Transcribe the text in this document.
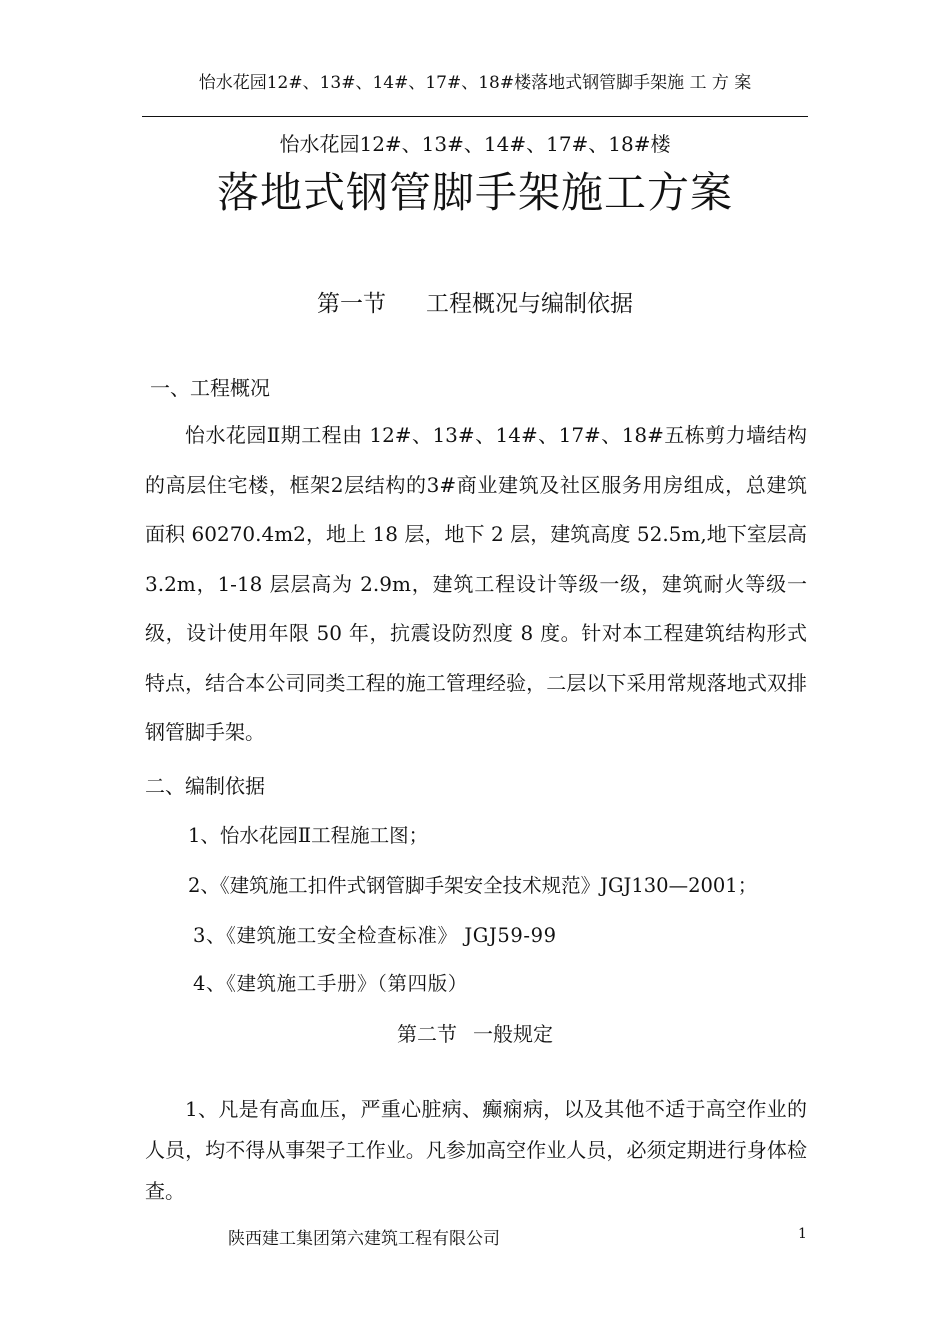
怡水花园12#、13#、14#、17#、18#楼落地式钢管脚手架施 工 方 案
怡水花园12#、13#、14#、17#、18#楼
落地式钢管脚手架施工方案
第一节 工程概况与编制依据
一、工程概况
怡水花园Ⅱ期工程由 12#、13#、14#、17#、18#五栋剪力墙结构的高层住宅楼，框架2层结构的3#商业建筑及社区服务用房组成，总建筑面积 60270.4m2，地上 18 层，地下 2 层，建筑高度 52.5m,地下室层高 3.2m，1-18 层层高为 2.9m，建筑工程设计等级一级，建筑耐火等级一级，设计使用年限 50 年，抗震设防烈度 8 度。针对本工程建筑结构形式特点，结合本公司同类工程的施工管理经验，二层以下采用常规落地式双排钢管脚手架。
二、编制依据
1、怡水花园Ⅱ工程施工图；
2、《建筑施工扣件式钢管脚手架安全技术规范》JGJ130—2001；
3、《建筑施工安全检查标准》 JGJ59-99
4、《建筑施工手册》（第四版）
第二节 一般规定
1、凡是有高血压，严重心脏病、癫痫病，以及其他不适于高空作业的人员，均不得从事架子工作业。凡参加高空作业人员，必须定期进行身体检查。
陕西建工集团第六建筑工程有限公司	1
